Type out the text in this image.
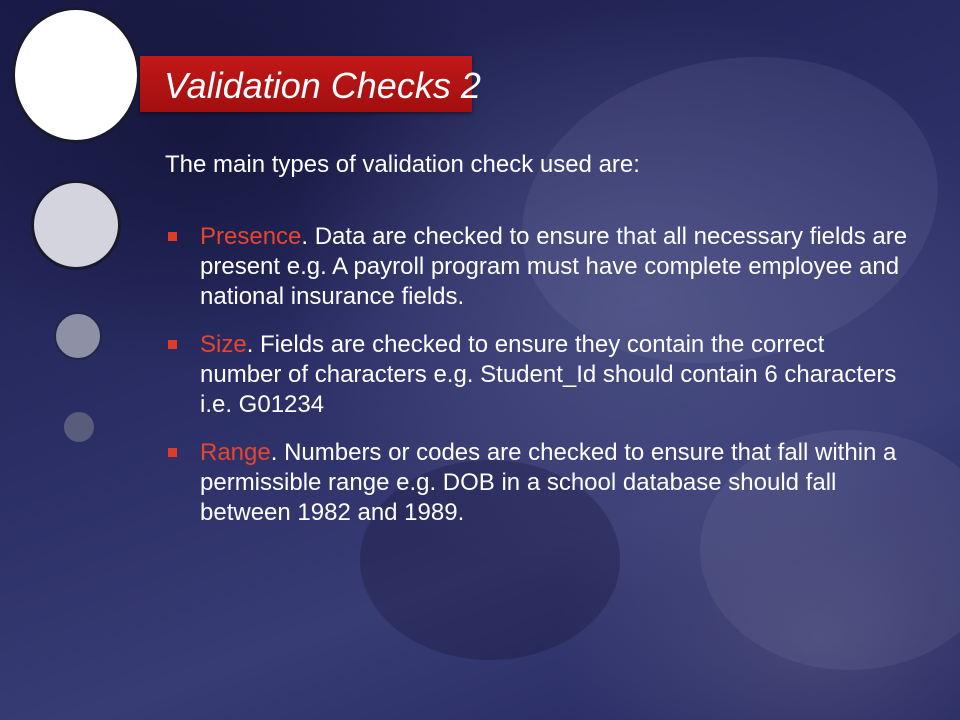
Validation Checks 2

The main types of validation check used are:

Presence. Data are checked to ensure that all necessary fields are present e.g. A payroll program must have complete employee and national insurance fields.
Size. Fields are checked to ensure they contain the correct number of characters e.g. Student_Id should contain 6 characters i.e. G01234
Range. Numbers or codes are checked to ensure that fall within a permissible range e.g. DOB in a school database should fall between 1982 and 1989.
